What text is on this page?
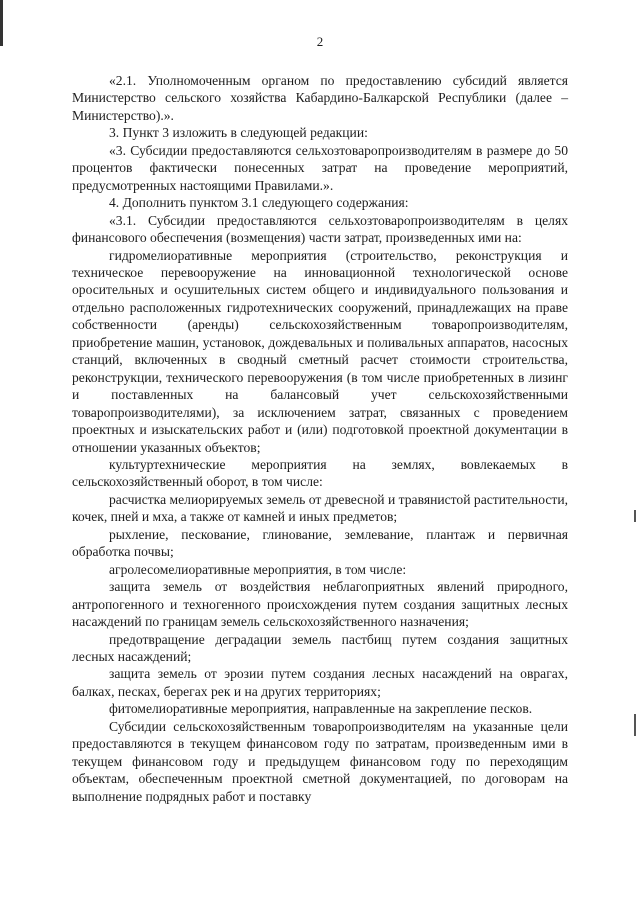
2

«2.1. Уполномоченным органом по предоставлению субсидий является Министерство сельского хозяйства Кабардино-Балкарской Республики (далее – Министерство).».

3. Пункт 3 изложить в следующей редакции:

«3. Субсидии предоставляются сельхозтоваропроизводителям в размере до 50 процентов фактически понесенных затрат на проведение мероприятий, предусмотренных настоящими Правилами.».

4. Дополнить пунктом 3.1 следующего содержания:

«3.1. Субсидии предоставляются сельхозтоваропроизводителям в целях финансового обеспечения (возмещения) части затрат, произведенных ими на:

гидромелиоративные мероприятия (строительство, реконструкция и техническое перевооружение на инновационной технологической основе оросительных и осушительных систем общего и индивидуального пользования и отдельно расположенных гидротехнических сооружений, принадлежащих на праве собственности (аренды) сельскохозяйственным товаропроизводителям, приобретение машин, установок, дождевальных и поливальных аппаратов, насосных станций, включенных в сводный сметный расчет стоимости строительства, реконструкции, технического перевооружения (в том числе приобретенных в лизинг и поставленных на балансовый учет сельскохозяйственными товаропроизводителями), за исключением затрат, связанных с проведением проектных и изыскательских работ и (или) подготовкой проектной документации в отношении указанных объектов;

культуртехнические мероприятия на землях, вовлекаемых в сельскохозяйственный оборот, в том числе:

расчистка мелиорируемых земель от древесной и травянистой растительности, кочек, пней и мха, а также от камней и иных предметов;

рыхление, пескование, глинование, землевание, плантаж и первичная обработка почвы;

агролесомелиоративные мероприятия, в том числе:

защита земель от воздействия неблагоприятных явлений природного, антропогенного и техногенного происхождения путем создания защитных лесных насаждений по границам земель сельскохозяйственного назначения;

предотвращение деградации земель пастбищ путем создания защитных лесных насаждений;

защита земель от эрозии путем создания лесных насаждений на оврагах, балках, песках, берегах рек и на других территориях;

фитомелиоративные мероприятия, направленные на закрепление песков.

Субсидии сельскохозяйственным товаропроизводителям на указанные цели предоставляются в текущем финансовом году по затратам, произведенным ими в текущем финансовом году и предыдущем финансовом году по переходящим объектам, обеспеченным проектной сметной документацией, по договорам на выполнение подрядных работ и поставку
